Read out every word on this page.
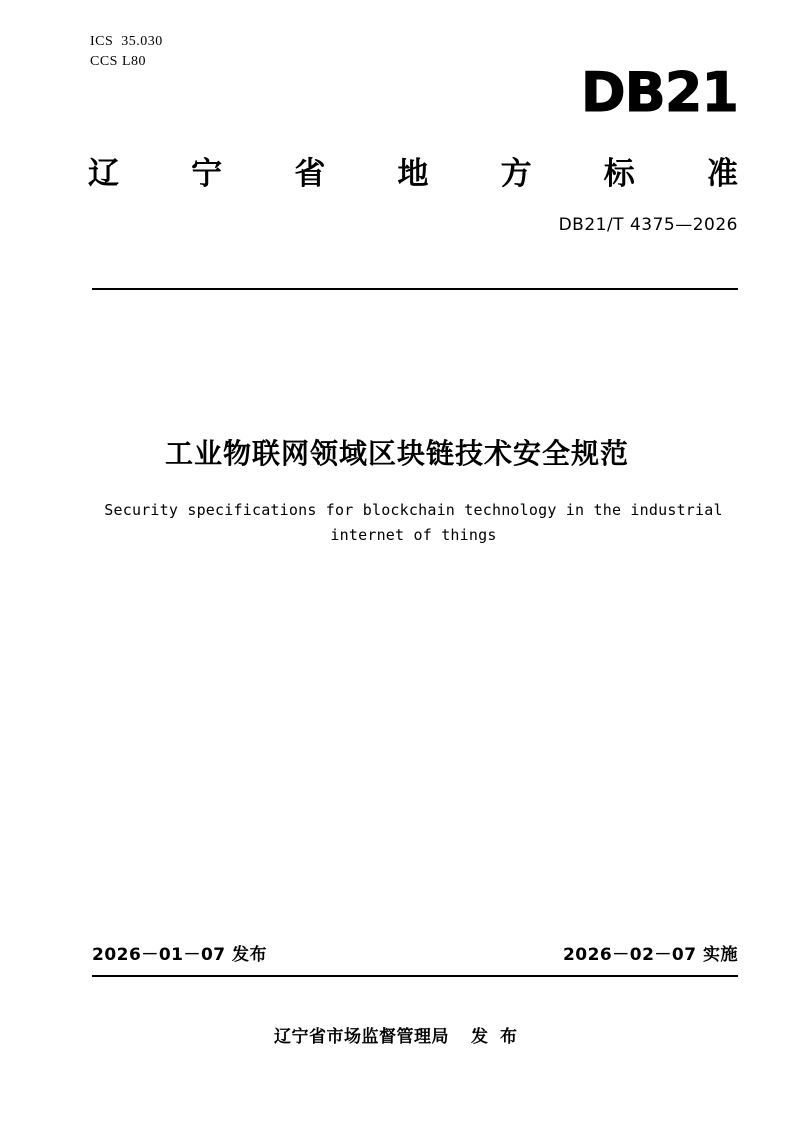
ICS  35.030
CCS L80	DB21
辽 宁 省 地 方 标 准
DB21/T 4375—2026
工业物联网领域区块链技术安全规范
Security specifications for blockchain technology in the industrial
internet of things
2026－01－07 发布	2026－02－07 实施
辽宁省市场监督管理局 发 布
